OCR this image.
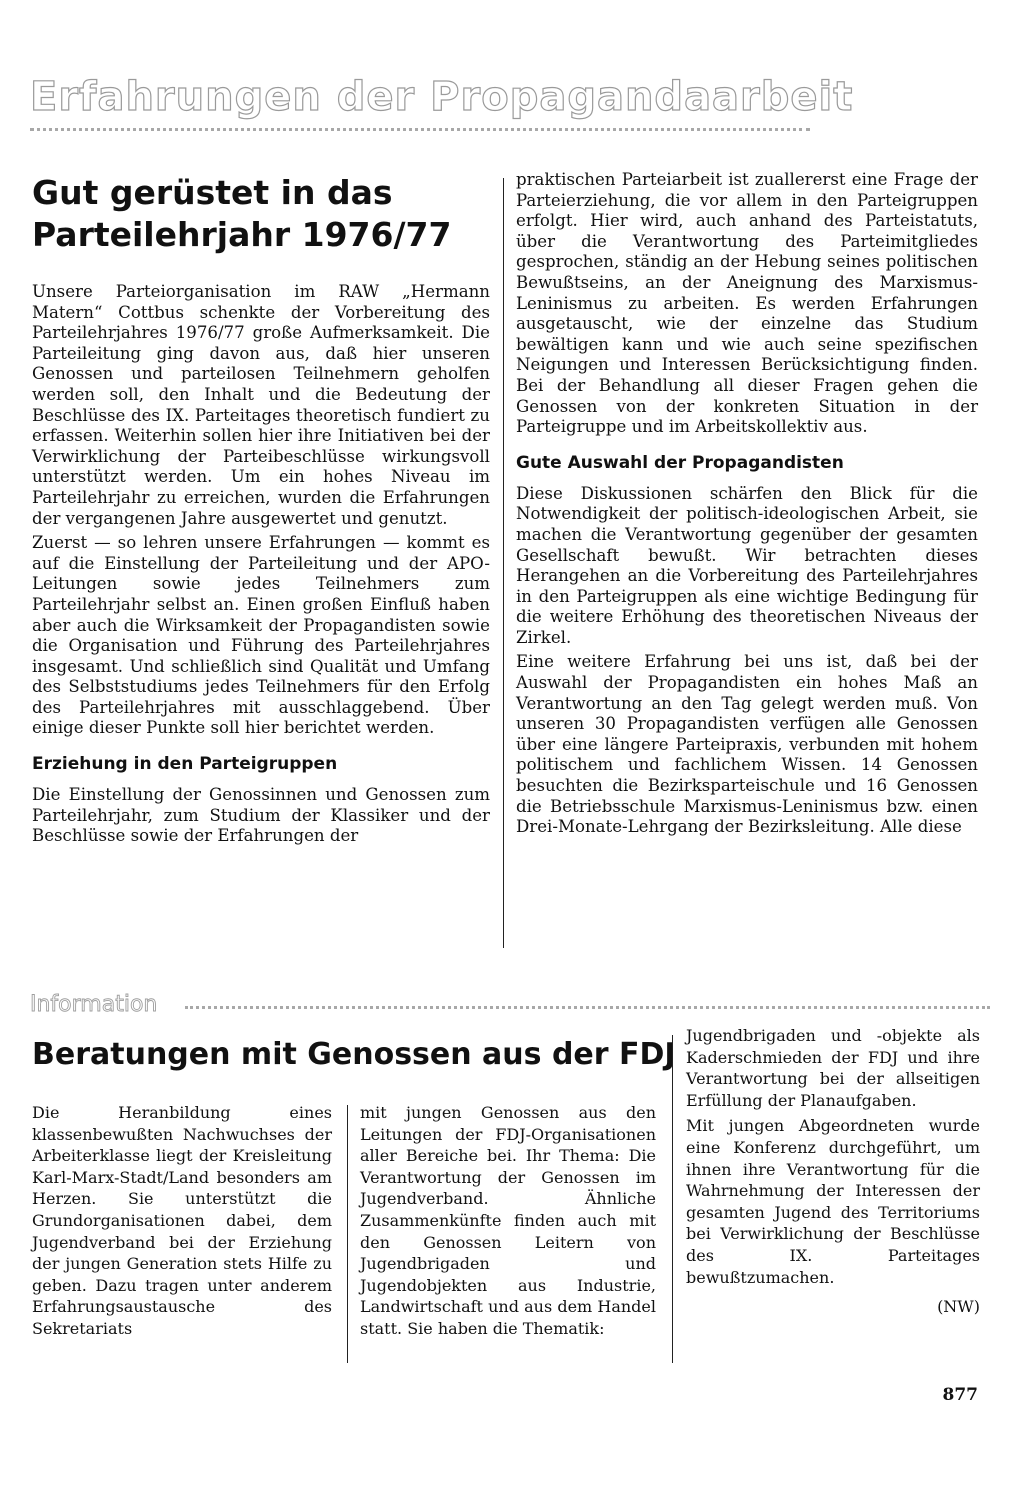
Erfahrungen der Propagandaarbeit
Gut gerüstet in das
Parteilehrjahr 1976/77

Unsere Parteiorganisation im RAW „Hermann Matern“ Cottbus schenkte der Vorbereitung des Parteilehrjahres 1976/77 große Aufmerksamkeit. Die Parteileitung ging davon aus, daß hier unseren Genossen und parteilosen Teilnehmern geholfen werden soll, den Inhalt und die Bedeutung der Beschlüsse des IX. Parteitages theoretisch fundiert zu erfassen. Weiterhin sollen hier ihre Initiativen bei der Verwirklichung der Parteibeschlüsse wirkungsvoll unterstützt werden. Um ein hohes Niveau im Parteilehrjahr zu erreichen, wurden die Erfahrungen der vergangenen Jahre ausgewertet und genutzt.

Zuerst — so lehren unsere Erfahrungen — kommt es auf die Einstellung der Parteileitung und der APO-Leitungen sowie jedes Teilnehmers zum Parteilehrjahr selbst an. Einen großen Einfluß haben aber auch die Wirksamkeit der Propagandisten sowie die Organisation und Führung des Parteilehrjahres insgesamt. Und schließlich sind Qualität und Umfang des Selbststudiums jedes Teilnehmers für den Erfolg des Parteilehrjahres mit ausschlaggebend. Über einige dieser Punkte soll hier berichtet werden.

Erziehung in den Parteigruppen

Die Einstellung der Genossinnen und Genossen zum Parteilehrjahr, zum Studium der Klassiker und der Beschlüsse sowie der Erfahrungen der

praktischen Parteiarbeit ist zuallererst eine Frage der Parteierziehung, die vor allem in den Parteigruppen erfolgt. Hier wird, auch anhand des Parteistatuts, über die Verantwortung des Parteimitgliedes gesprochen, ständig an der Hebung seines politischen Bewußtseins, an der Aneignung des Marxismus-Leninismus zu arbeiten. Es werden Erfahrungen ausgetauscht, wie der einzelne das Studium bewältigen kann und wie auch seine spezifischen Neigungen und Interessen Berücksichtigung finden. Bei der Behandlung all dieser Fragen gehen die Genossen von der konkreten Situation in der Parteigruppe und im Arbeitskollektiv aus.

Gute Auswahl der Propagandisten

Diese Diskussionen schärfen den Blick für die Notwendigkeit der politisch-ideologischen Arbeit, sie machen die Verantwortung gegenüber der gesamten Gesellschaft bewußt. Wir betrachten dieses Herangehen an die Vorbereitung des Parteilehrjahres in den Parteigruppen als eine wichtige Bedingung für die weitere Erhöhung des theoretischen Niveaus der Zirkel.

Eine weitere Erfahrung bei uns ist, daß bei der Auswahl der Propagandisten ein hohes Maß an Verantwortung an den Tag gelegt werden muß. Von unseren 30 Propagandisten verfügen alle Genossen über eine längere Parteipraxis, verbunden mit hohem politischem und fachlichem Wissen. 14 Genossen besuchten die Bezirksparteischule und 16 Genossen die Betriebsschule Marxismus-Leninismus bzw. einen Drei-Monate-Lehrgang der Bezirksleitung. Alle diese

Information
Beratungen mit Genossen aus der FDJ

Die Heranbildung eines klassenbewußten Nachwuchses der Arbeiterklasse liegt der Kreisleitung Karl-Marx-Stadt/Land besonders am Herzen. Sie unterstützt die Grundorganisationen dabei, dem Jugendverband bei der Erziehung der jungen Generation stets Hilfe zu geben. Dazu tragen unter anderem Erfahrungsaustausche des Sekretariats

mit jungen Genossen aus den Leitungen der FDJ-Organisationen aller Bereiche bei. Ihr Thema: Die Verantwortung der Genossen im Jugendverband. Ähnliche Zusammenkünfte finden auch mit den Genossen Leitern von Jugendbrigaden und Jugendobjekten aus Industrie, Landwirtschaft und aus dem Handel statt. Sie haben die Thematik:

Jugendbrigaden und -objekte als Kaderschmieden der FDJ und ihre Verantwortung bei der allseitigen Erfüllung der Planaufgaben.

Mit jungen Abgeordneten wurde eine Konferenz durchgeführt, um ihnen ihre Verantwortung für die Wahrnehmung der Interessen der gesamten Jugend des Territoriums bei Verwirklichung der Beschlüsse des IX. Parteitages bewußtzumachen.

(NW)
877
